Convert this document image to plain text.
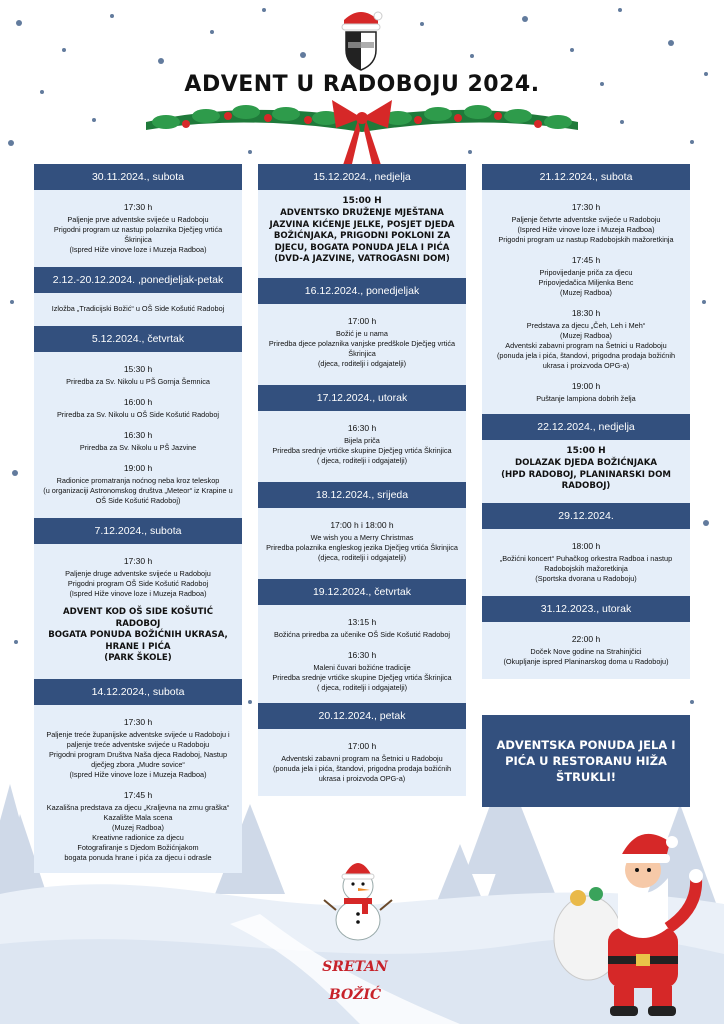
ADVENT U RADOBOJU 2024.
30.11.2024., subota
17:30 h
Paljenje prve adventske svijeće u Radoboju
Prigodni program uz nastup polaznika Dječjeg vrtića Škrinjica
(Ispred Hiže vinove loze i Muzeja Radboa)
2.12.-20.12.2024. ,ponedjeljak-petak
Izložba „Tradicijski Božić“ u OŠ Side Košutić Radoboj
5.12.2024., četvrtak
15:30 h
Priredba za Sv. Nikolu u PŠ Gornja Šemnica
16:00 h
Priredba za Sv. Nikolu u OŠ Side Košutić Radoboj
16:30 h
Priredba za Sv. Nikolu u PŠ Jazvine
19:00 h
Radionice promatranja noćnog neba kroz teleskop
(u organizaciji Astronomskog društva „Meteor“ iz Krapine u OŠ Side Košutić Radoboj)
7.12.2024., subota
17:30 h
Paljenje druge adventske svijeće u Radoboju
Prigodni program OŠ Side Košutić Radoboj
(Ispred Hiže vinove loze i Muzeja Radboa)
ADVENT KOD OŠ SIDE KOŠUTIĆ RADOBOJ
BOGATA PONUDA BOŽIĆNIH UKRASA, HRANE I PIĆA
(PARK ŠKOLE)
14.12.2024., subota
17:30 h
Paljenje treće županijske adventske svijeće u Radoboju i paljenje treće adventske svijeće u Radoboju
Prigodni program Društva Naša djeca Radoboj, Nastup dječjeg zbora „Mudre sovice“
(Ispred Hiže vinove loze i Muzeja Radboa)
17:45 h
Kazališna predstava za djecu „Kraljevna na zrnu graška“ Kazalište Mala scena
(Muzej Radboa)
Kreativne radionice za djecu
Fotografiranje s Djedom Božićnjakom
bogata ponuda hrane i pića za djecu i odrasle
15.12.2024., nedjelja
15:00 H
ADVENTSKO DRUŽENJE MJEŠTANA JAZVINA KIĆENJE JELKE, POSJET DJEDA BOŽIĆNJAKA, PRIGODNI POKLONI ZA DJECU, BOGATA PONUDA JELA I PIĆA
(DVD-A JAZVINE, VATROGASNI DOM)
16.12.2024., ponedjeljak
17:00 h
Božić je u nama
Priredba djece polaznika vanjske predškole Dječjeg vrtića Škrinjica
(djeca, roditelji i odgajatelji)
17.12.2024., utorak
16:30 h
Bijela priča
Priredba srednje vrtićke skupine Dječjeg vrtića Škrinjica
( djeca, roditelji i odgajatelji)
18.12.2024., srijeda
17:00 h i 18:00 h
We wish you a Merry Christmas
Priredba polaznika engleskog jezika Dječjeg vrtića Škrinjica
(djeca, roditelji i odgajatelji)
19.12.2024., četvrtak
13:15 h
Božićna priredba za učenike OŠ Side Košutić Radoboj
16:30 h
Maleni čuvari božićne tradicije
Priredba srednje vrtićke skupine Dječjeg vrtića Škrinjica
( djeca, roditelji i odgajatelji)
20.12.2024., petak
17:00 h
Adventski zabavni program na Šetnici u Radoboju
(ponuda jela i pića, štandovi, prigodna prodaja božićnih ukrasa i proizvoda OPG-a)
21.12.2024., subota
17:30 h
Paljenje četvrte adventske svijeće u Radoboju
(Ispred Hiže vinove loze i Muzeja Radboa)
Prigodni program uz nastup Radobojskih mažoretkinja
17:45 h
Pripovijedanje priča za djecu
Pripovjedačica Miljenka Benc
(Muzej Radboa)
18:30 h
Predstava za djecu „Čeh, Leh i Meh“
(Muzej Radboa)
Adventski zabavni program na Šetnici u Radoboju
(ponuda jela i pića, štandovi, prigodna prodaja božićnih ukrasa i proizvoda OPG-a)
19:00 h
Puštanje lampiona dobrih želja
22.12.2024., nedjelja
15:00 H
DOLAZAK DJEDA BOŽIĆNJAKA
(HPD RADOBOJ, PLANINARSKI DOM RADOBOJ)
29.12.2024.
18:00 h
„Božićni koncert“ Puhačkog orkestra Radboa i nastup Radobojskih mažoretkinja
(Sportska dvorana u Radoboju)
31.12.2023., utorak
22:00 h
Doček Nove godine na Strahinjčici
(Okupljanje ispred Planinarskog doma u Radoboju)
ADVENTSKA PONUDA JELA I PIĆA U RESTORANU HIŽA ŠTRUKLI!
SRETAN
BOŽIĆ
